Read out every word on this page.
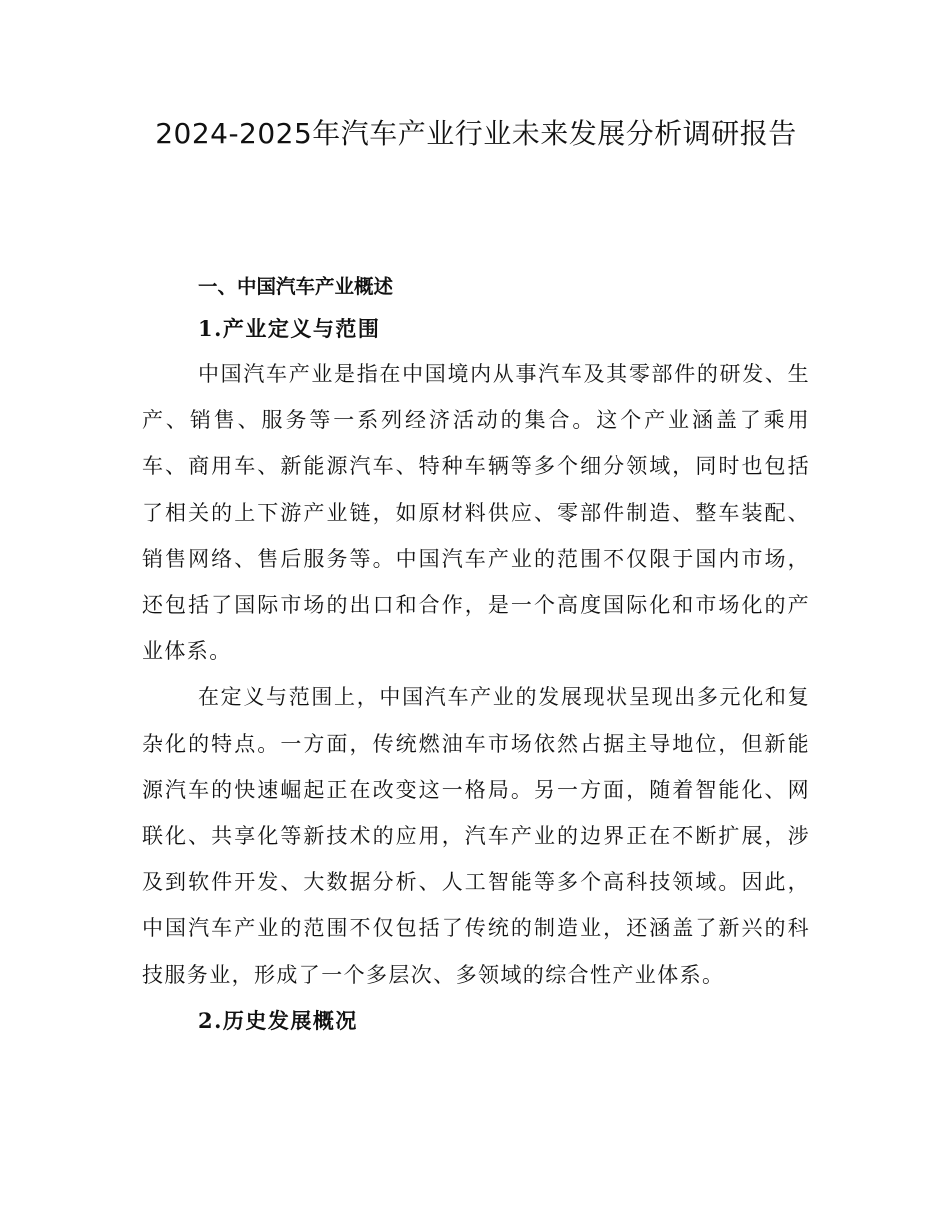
2024-2025年汽车产业行业未来发展分析调研报告
一、中国汽车产业概述
1.产业定义与范围

中国汽车产业是指在中国境内从事汽车及其零部件的研发、生产、销售、服务等一系列经济活动的集合。这个产业涵盖了乘用车、商用车、新能源汽车、特种车辆等多个细分领域，同时也包括了相关的上下游产业链，如原材料供应、零部件制造、整车装配、销售网络、售后服务等。中国汽车产业的范围不仅限于国内市场，还包括了国际市场的出口和合作，是一个高度国际化和市场化的产业体系。

在定义与范围上，中国汽车产业的发展现状呈现出多元化和复杂化的特点。一方面，传统燃油车市场依然占据主导地位，但新能源汽车的快速崛起正在改变这一格局。另一方面，随着智能化、网联化、共享化等新技术的应用，汽车产业的边界正在不断扩展，涉及到软件开发、大数据分析、人工智能等多个高科技领域。因此，中国汽车产业的范围不仅包括了传统的制造业，还涵盖了新兴的科技服务业，形成了一个多层次、多领域的综合性产业体系。

2.历史发展概况
